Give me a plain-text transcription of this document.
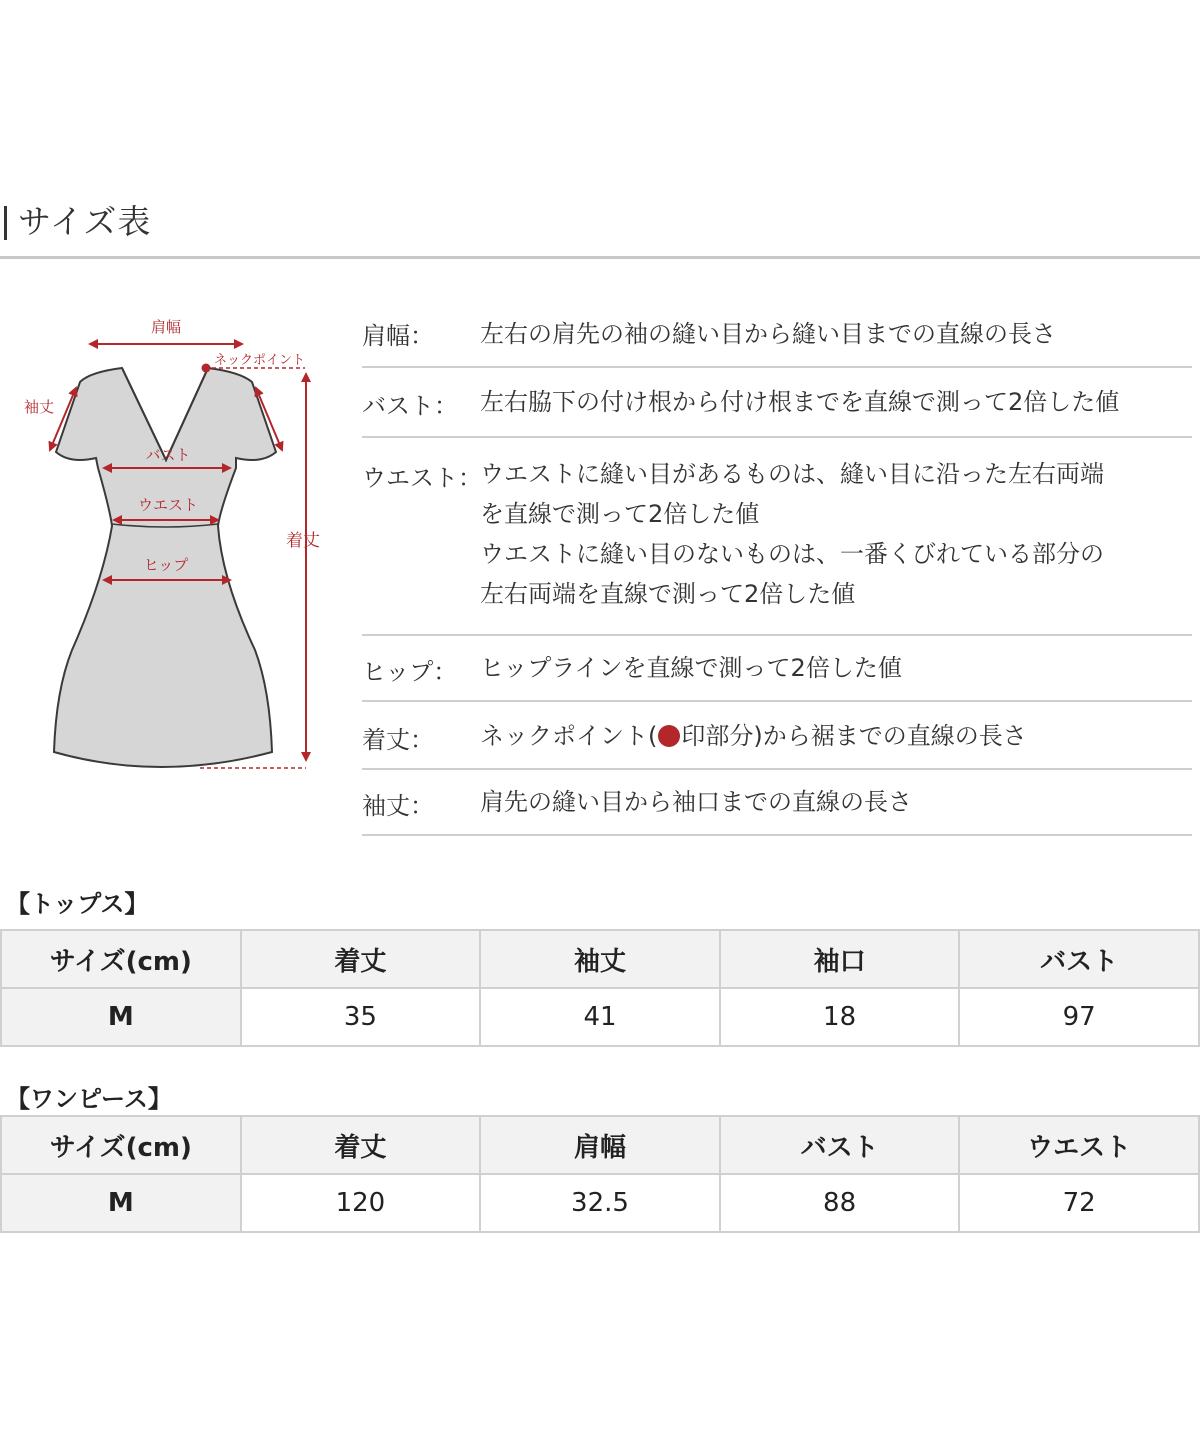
サイズ表
肩幅
ネックポイント
袖丈
バスト
ウエスト
ヒップ
着丈
肩幅： 左右の肩先の袖の縫い目から縫い目までの直線の長さ
バスト： 左右脇下の付け根から付け根までを直線で測って2倍した値
ウエスト：
ウエストに縫い目があるものは、縫い目に沿った左右両端
を直線で測って2倍した値
ウエストに縫い目のないものは、一番くびれている部分の
左右両端を直線で測って2倍した値
ヒップ： ヒップラインを直線で測って2倍した値
着丈： ネックポイント( 印部分)から裾までの直線の長さ
袖丈： 肩先の縫い目から袖口までの直線の長さ
【トップス】
サイズ(cm)	着丈	袖丈	袖口	バスト
M	35	41	18	97
【ワンピース】
サイズ(cm)	着丈	肩幅	バスト	ウエスト
M	120	32.5	88	72
